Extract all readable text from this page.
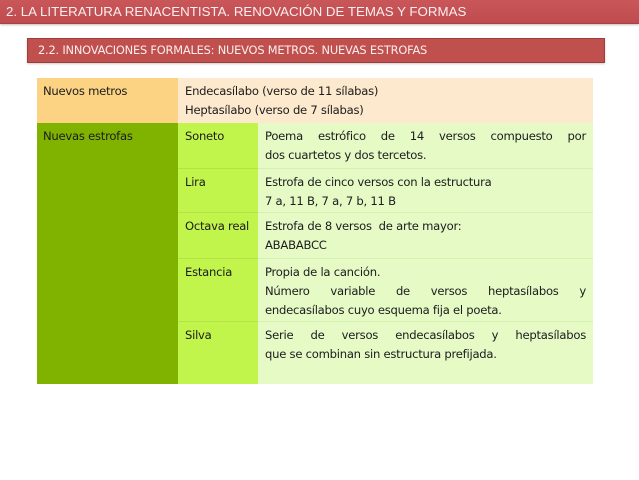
2. LA LITERATURA RENACENTISTA. RENOVACIÓN DE TEMAS Y FORMAS
2.2. INNOVACIONES FORMALES: NUEVOS METROS. NUEVAS ESTROFAS
Nuevos metros	Endecasílabo (verso de 11 sílabas)
Heptasílabo (verso de 7 sílabas)
Nuevas estrofas	Soneto	Poema estrófico de 14 versos compuesto por
dos cuartetos y dos tercetos.
Lira	Estrofa de cinco versos con la estructura
7 a, 11 B, 7 a, 7 b, 11 B
Octava real	Estrofa de 8 versos  de arte mayor:
ABABABCC
Estancia	Propia de la canción.
Número variable de versos heptasílabos y
endecasílabos cuyo esquema fija el poeta.
Silva	Serie de versos endecasílabos y heptasílabos
que se combinan sin estructura prefijada.
